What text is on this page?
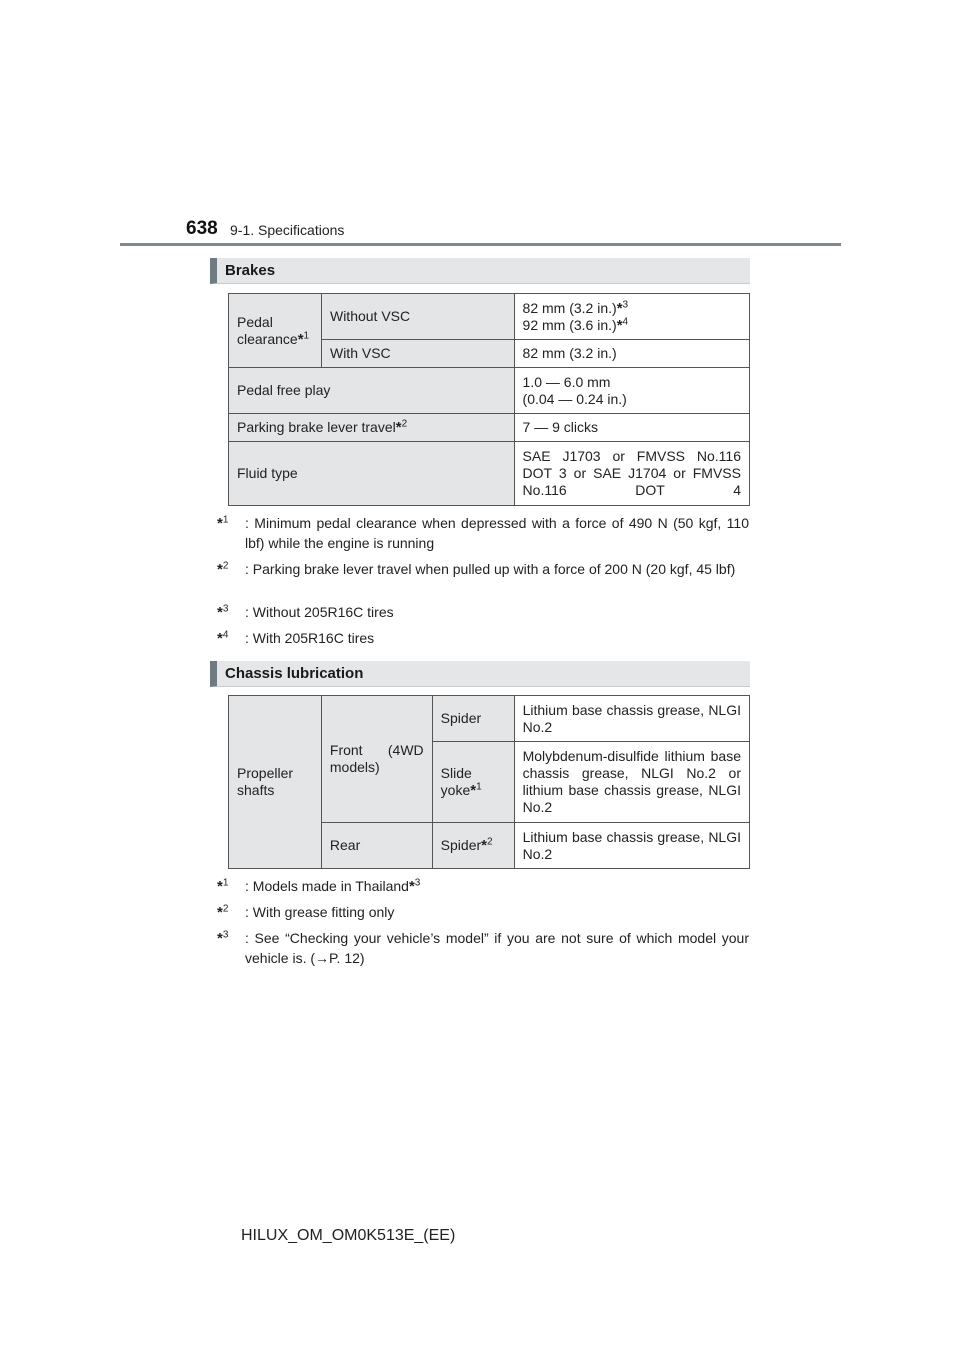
638 9-1. Specifications
Brakes
Pedal clearance*$^1$	Without VSC	82 mm (3.2 in.)*$^3$
92 mm (3.6 in.)*$^4$
	With VSC	82 mm (3.2 in.)
Pedal free play		1.0 — 6.0 mm
(0.04 — 0.24 in.)
Parking brake lever travel*$^2$		7 — 9 clicks
Fluid type		SAE J1703 or FMVSS No.116 DOT 3 or SAE J1704 or FMVSS No.116 DOT 4
*$^1$ : Minimum pedal clearance when depressed with a force of 490 N (50 kgf, 110 lbf) while the engine is running
*$^2$ : Parking brake lever travel when pulled up with a force of 200 N (20 kgf, 45 lbf)
*$^3$ : Without 205R16C tires
*$^4$ : With 205R16C tires
Chassis lubrication
Propeller shafts	Front (4WD models)	Spider	Lithium base chassis grease, NLGI No.2

		Slide yoke*$^1$	Molybdenum-disulfide lithium base chassis grease, NLGI No.2 or lithium base chassis grease, NLGI No.2

	Rear	Spider*$^2$	Lithium base chassis grease, NLGI No.2
*$^1$ : Models made in Thailand*$^3$
*$^2$ : With grease fitting only
*$^3$ : See “Checking your vehicle’s model” if you are not sure of which model your vehicle is. (→P. 12)
HILUX_OM_OM0K513E_(EE)
